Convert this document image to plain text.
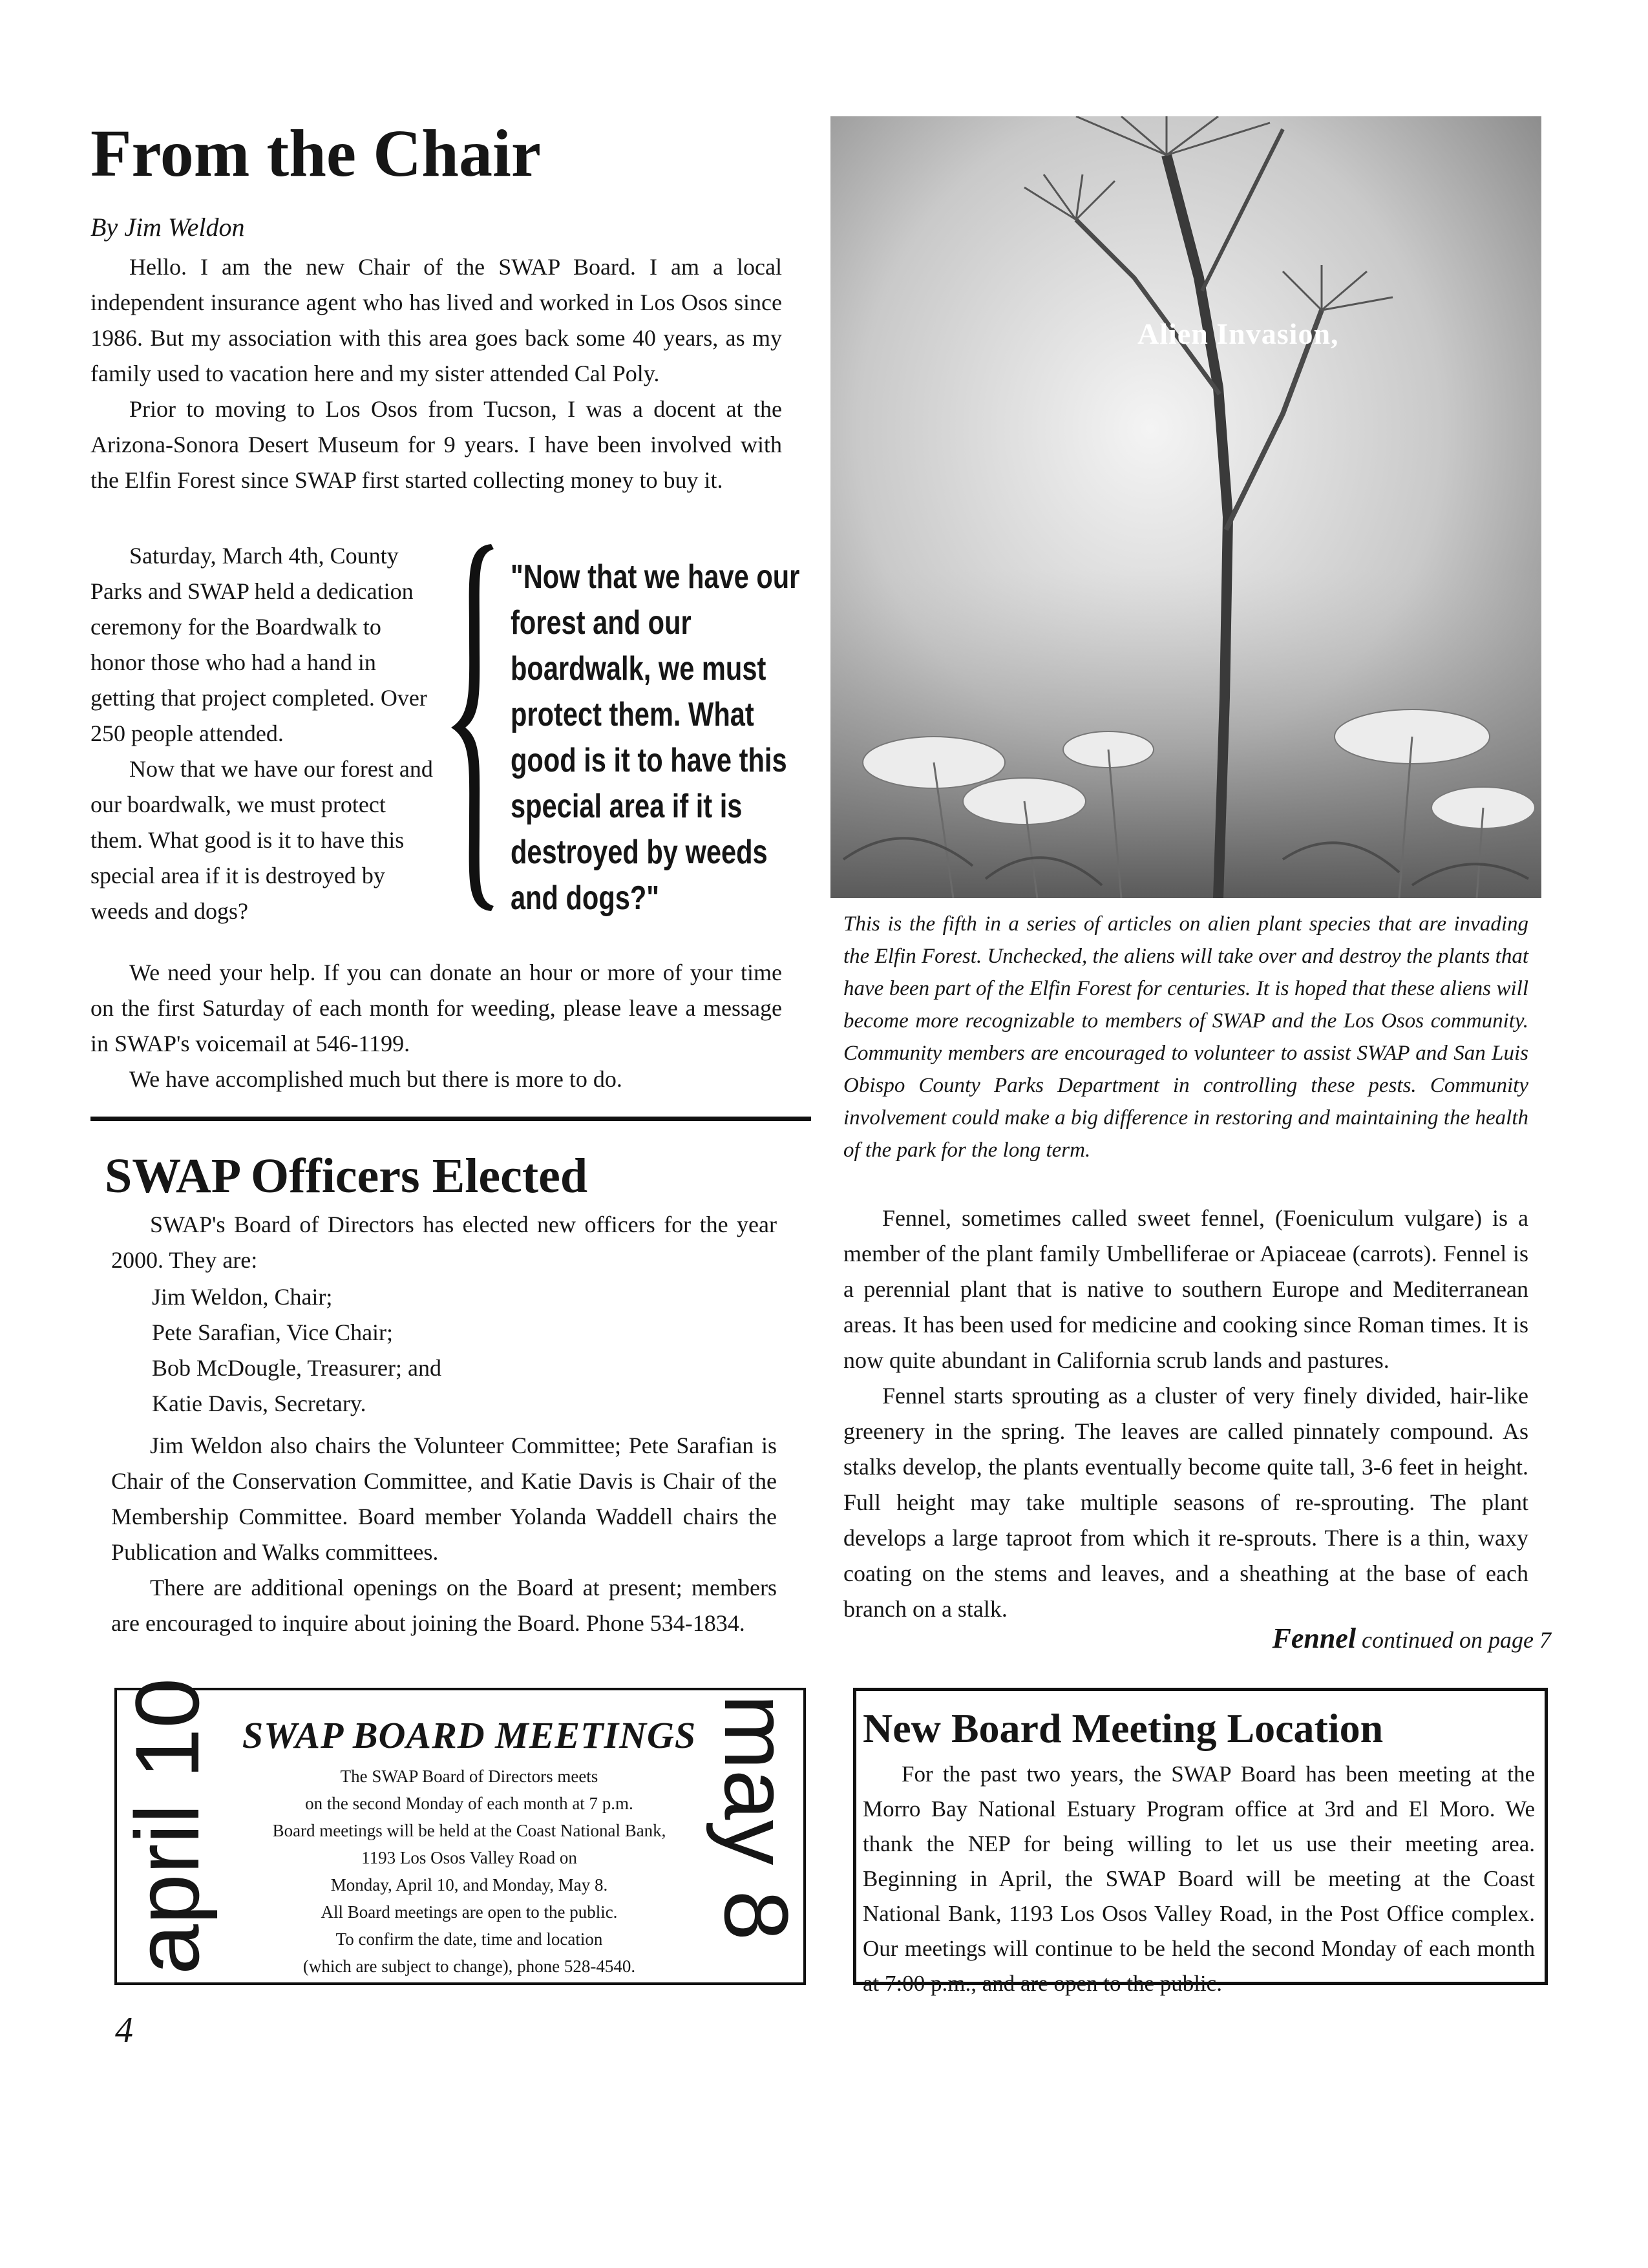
From the Chair
By Jim Weldon

Hello. I am the new Chair of the SWAP Board. I am a local independent insurance agent who has lived and worked in Los Osos since 1986. But my association with this area goes back some 40 years, as my family used to vacation here and my sister attended Cal Poly.

Prior to moving to Los Osos from Tucson, I was a docent at the Arizona-Sonora Desert Museum for 9 years. I have been involved with the Elfin Forest since SWAP first started collecting money to buy it.

Saturday, March 4th, County Parks and SWAP held a dedication ceremony for the Boardwalk to honor those who had a hand in getting that project completed. Over 250 people attended.

Now that we have our forest and our boardwalk, we must protect them. What good is it to have this special area if it is destroyed by weeds and dogs?

"Now that we have our forest and our boardwalk, we must protect them. What good is it to have this special area if it is destroyed by weeds and dogs?"

We need your help. If you can donate an hour or more of your time on the first Saturday of each month for weeding, please leave a message in SWAP's voicemail at 546-1199.

We have accomplished much but there is more to do.

SWAP Officers Elected

SWAP's Board of Directors has elected new officers for the year 2000. They are:

Jim Weldon, Chair;
Pete Sarafian, Vice Chair;
Bob McDougle, Treasurer; and
Katie Davis, Secretary.

Jim Weldon also chairs the Volunteer Committee; Pete Sarafian is Chair of the Conservation Committee, and Katie Davis is Chair of the Membership Committee. Board member Yolanda Waddell chairs the Publication and Walks committees.

There are additional openings on the Board at present; members are encouraged to inquire about joining the Board. Phone 534-1834.

Alien Invasion,

This is the fifth in a series of articles on alien plant species that are invading the Elfin Forest. Unchecked, the aliens will take over and destroy the plants that have been part of the Elfin Forest for centuries. It is hoped that these aliens will become more recognizable to members of SWAP and the Los Osos community. Community members are encouraged to volunteer to assist SWAP and San Luis Obispo County Parks Department in controlling these pests. Community involvement could make a big difference in restoring and maintaining the health of the park for the long term.

Fennel, sometimes called sweet fennel, (Foeniculum vulgare) is a member of the plant family Umbelliferae or Apiaceae (carrots). Fennel is a perennial plant that is native to southern Europe and Mediterranean areas. It has been used for medicine and cooking since Roman times. It is now quite abundant in California scrub lands and pastures.

Fennel starts sprouting as a cluster of very finely divided, hair-like greenery in the spring. The leaves are called pinnately compound. As stalks develop, the plants eventually become quite tall, 3-6 feet in height. Full height may take multiple seasons of re-sprouting. The plant develops a large taproot from which it re-sprouts. There is a thin, waxy coating on the stems and leaves, and a sheathing at the base of each branch on a stalk.

Fennel continued on page 7
april 10 SWAP BOARD MEETINGS
The SWAP Board of Directors meets
on the second Monday of each month at 7 p.m.
Board meetings will be held at the Coast National Bank,
1193 Los Osos Valley Road on
Monday, April 10, and Monday, May 8.
All Board meetings are open to the public.
To confirm the date, time and location
(which are subject to change), phone 528-4540.
may 8 New Board Meeting Location

For the past two years, the SWAP Board has been meeting at the Morro Bay National Estuary Program office at 3rd and El Moro. We thank the NEP for being willing to let us use their meeting area. Beginning in April, the SWAP Board will be meeting at the Coast National Bank, 1193 Los Osos Valley Road, in the Post Office complex. Our meetings will continue to be held the second Monday of each month at 7:00 p.m., and are open to the public.

4
